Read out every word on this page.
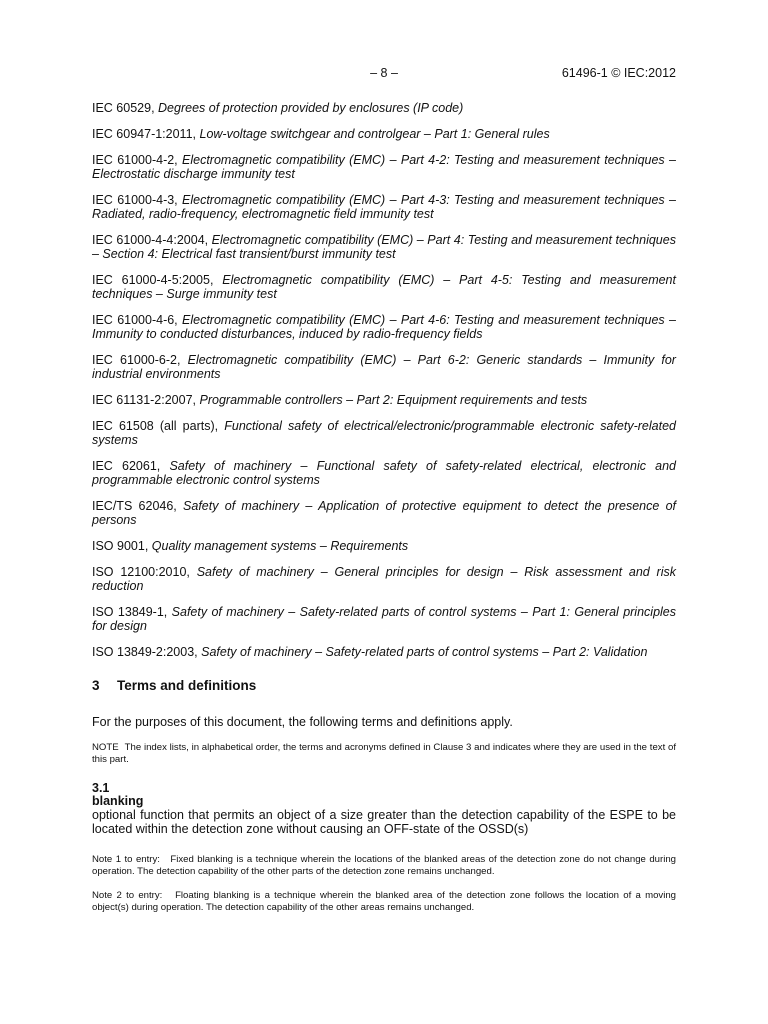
– 8 –	61496-1 © IEC:2012
IEC 60529, Degrees of protection provided by enclosures (IP code)
IEC 60947-1:2011, Low-voltage switchgear and controlgear – Part 1: General rules
IEC 61000-4-2, Electromagnetic compatibility (EMC) – Part 4-2: Testing and measurement techniques – Electrostatic discharge immunity test
IEC 61000-4-3, Electromagnetic compatibility (EMC) – Part 4-3: Testing and measurement techniques – Radiated, radio-frequency, electromagnetic field immunity test
IEC 61000-4-4:2004, Electromagnetic compatibility (EMC) – Part 4: Testing and measurement techniques – Section 4: Electrical fast transient/burst immunity test
IEC 61000-4-5:2005, Electromagnetic compatibility (EMC) – Part 4-5: Testing and measurement techniques – Surge immunity test
IEC 61000-4-6, Electromagnetic compatibility (EMC) – Part 4-6: Testing and measurement techniques – Immunity to conducted disturbances, induced by radio-frequency fields
IEC 61000-6-2, Electromagnetic compatibility (EMC) – Part 6-2: Generic standards – Immunity for industrial environments
IEC 61131-2:2007, Programmable controllers – Part 2: Equipment requirements and tests
IEC 61508 (all parts), Functional safety of electrical/electronic/programmable electronic safety-related systems
IEC 62061, Safety of machinery – Functional safety of safety-related electrical, electronic and programmable electronic control systems
IEC/TS 62046, Safety of machinery – Application of protective equipment to detect the presence of persons
ISO 9001, Quality management systems – Requirements
ISO 12100:2010, Safety of machinery – General principles for design – Risk assessment and risk reduction
ISO 13849-1, Safety of machinery – Safety-related parts of control systems – Part 1: General principles for design
ISO 13849-2:2003, Safety of machinery – Safety-related parts of control systems – Part 2: Validation
3 Terms and definitions
For the purposes of this document, the following terms and definitions apply.
NOTE The index lists, in alphabetical order, the terms and acronyms defined in Clause 3 and indicates where they are used in the text of this part.
3.1
blanking
optional function that permits an object of a size greater than the detection capability of the ESPE to be located within the detection zone without causing an OFF-state of the OSSD(s)
Note 1 to entry: Fixed blanking is a technique wherein the locations of the blanked areas of the detection zone do not change during operation. The detection capability of the other parts of the detection zone remains unchanged.
Note 2 to entry: Floating blanking is a technique wherein the blanked area of the detection zone follows the location of a moving object(s) during operation. The detection capability of the other areas remains unchanged.
